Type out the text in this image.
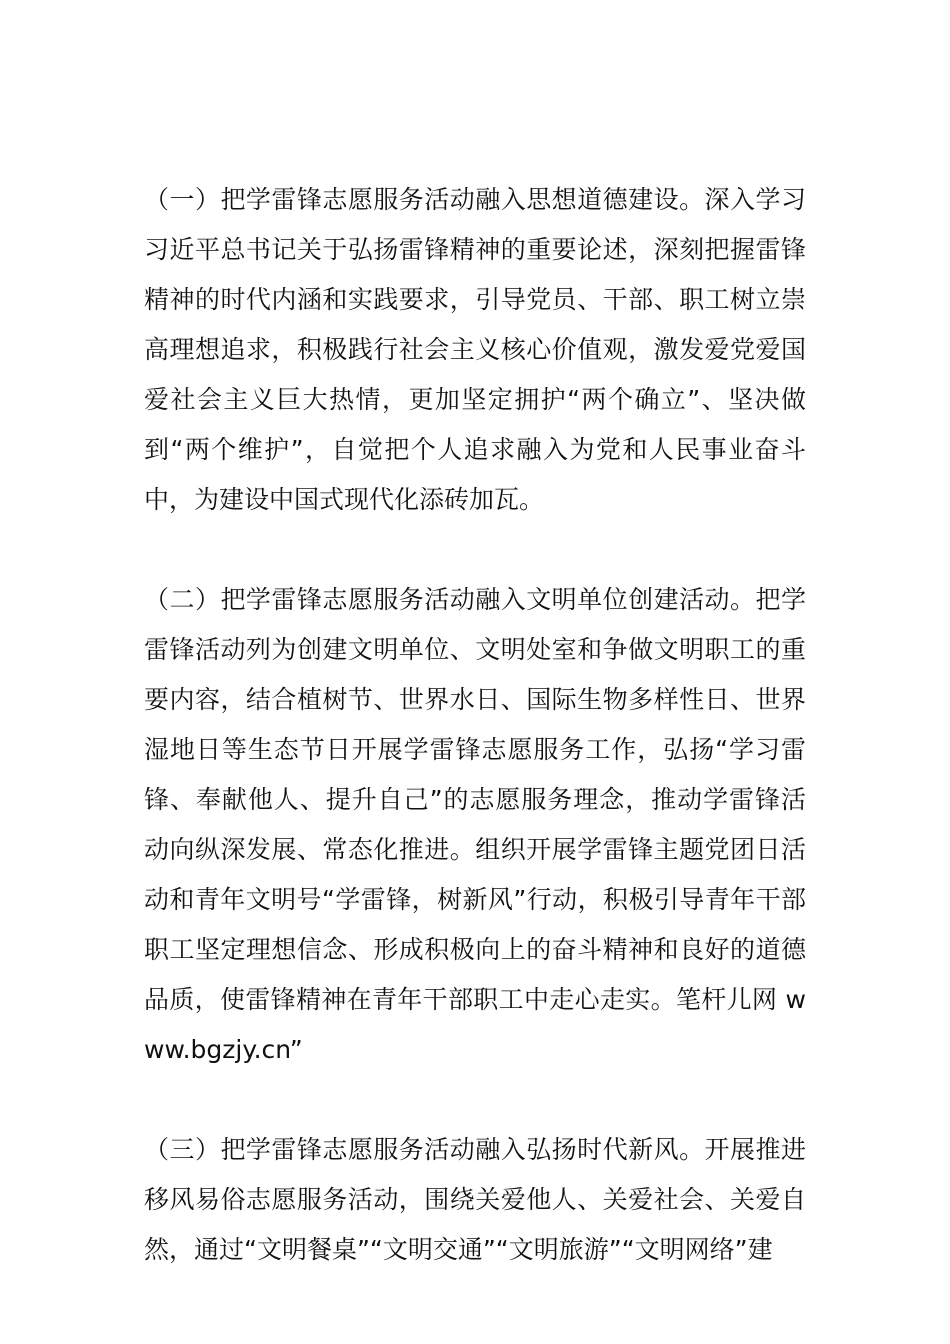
（一）把学雷锋志愿服务活动融入思想道德建设。深入学习习近平总书记关于弘扬雷锋精神的重要论述，深刻把握雷锋精神的时代内涵和实践要求，引导党员、干部、职工树立崇高理想追求，积极践行社会主义核心价值观，激发爱党爱国爱社会主义巨大热情，更加坚定拥护“两个确立”、坚决做到“两个维护”，自觉把个人追求融入为党和人民事业奋斗中，为建设中国式现代化添砖加瓦。

（二）把学雷锋志愿服务活动融入文明单位创建活动。把学雷锋活动列为创建文明单位、文明处室和争做文明职工的重要内容，结合植树节、世界水日、国际生物多样性日、世界湿地日等生态节日开展学雷锋志愿服务工作，弘扬“学习雷锋、奉献他人、提升自己”的志愿服务理念，推动学雷锋活动向纵深发展、常态化推进。组织开展学雷锋主题党团日活动和青年文明号“学雷锋，树新风”行动，积极引导青年干部职工坚定理想信念、形成积极向上的奋斗精神和良好的道德品质，使雷锋精神在青年干部职工中走心走实。笔杆儿网 www.bgzjy.cn”

（三）把学雷锋志愿服务活动融入弘扬时代新风。开展推进移风易俗志愿服务活动，围绕关爱他人、关爱社会、关爱自然，通过“文明餐桌”“文明交通”“文明旅游”“文明网络”建
